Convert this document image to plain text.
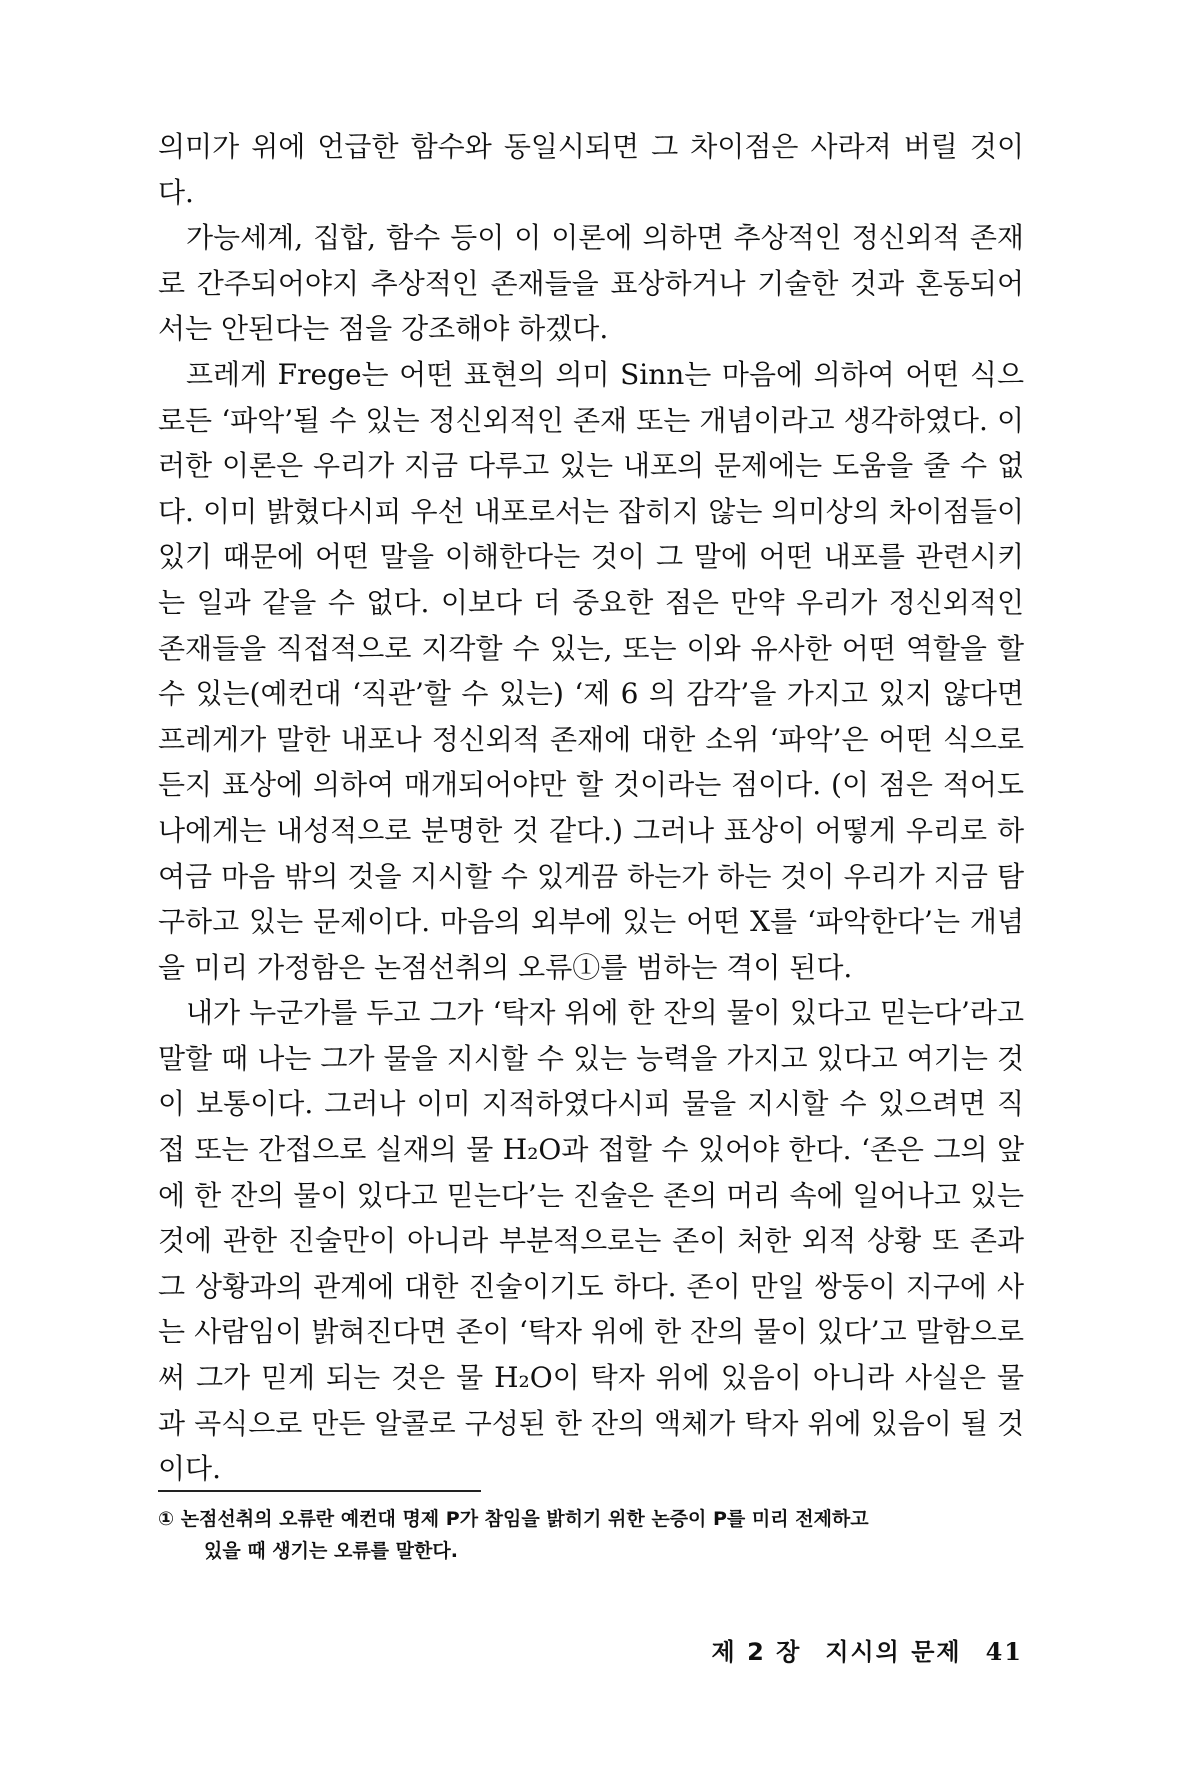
의미가 위에 언급한 함수와 동일시되면 그 차이점은 사라져 버릴 것이다.

가능세계, 집합, 함수 등이 이 이론에 의하면 추상적인 정신외적 존재로 간주되어야지 추상적인 존재들을 표상하거나 기술한 것과 혼동되어서는 안된다는 점을 강조해야 하겠다.

프레게 Frege는 어떤 표현의 의미 Sinn는 마음에 의하여 어떤 식으로든 ‘파악’될 수 있는 정신외적인 존재 또는 개념이라고 생각하였다. 이러한 이론은 우리가 지금 다루고 있는 내포의 문제에는 도움을 줄 수 없다. 이미 밝혔다시피 우선 내포로서는 잡히지 않는 의미상의 차이점들이 있기 때문에 어떤 말을 이해한다는 것이 그 말에 어떤 내포를 관련시키는 일과 같을 수 없다. 이보다 더 중요한 점은 만약 우리가 정신외적인 존재들을 직접적으로 지각할 수 있는, 또는 이와 유사한 어떤 역할을 할 수 있는(예컨대 ‘직관’할 수 있는) ‘제 6 의 감각’을 가지고 있지 않다면 프레게가 말한 내포나 정신외적 존재에 대한 소위 ‘파악’은 어떤 식으로든지 표상에 의하여 매개되어야만 할 것이라는 점이다. (이 점은 적어도 나에게는 내성적으로 분명한 것 같다.) 그러나 표상이 어떻게 우리로 하여금 마음 밖의 것을 지시할 수 있게끔 하는가 하는 것이 우리가 지금 탐구하고 있는 문제이다. 마음의 외부에 있는 어떤 X를 ‘파악한다’는 개념을 미리 가정함은 논점선취의 오류①를 범하는 격이 된다.

내가 누군가를 두고 그가 ‘탁자 위에 한 잔의 물이 있다고 믿는다’라고 말할 때 나는 그가 물을 지시할 수 있는 능력을 가지고 있다고 여기는 것이 보통이다. 그러나 이미 지적하였다시피 물을 지시할 수 있으려면 직접 또는 간접으로 실재의 물 H₂O과 접할 수 있어야 한다. ‘존은 그의 앞에 한 잔의 물이 있다고 믿는다’는 진술은 존의 머리 속에 일어나고 있는 것에 관한 진술만이 아니라 부분적으로는 존이 처한 외적 상황 또 존과 그 상황과의 관계에 대한 진술이기도 하다. 존이 만일 쌍둥이 지구에 사는 사람임이 밝혀진다면 존이 ‘탁자 위에 한 잔의 물이 있다’고 말함으로써 그가 믿게 되는 것은 물 H₂O이 탁자 위에 있음이 아니라 사실은 물과 곡식으로 만든 알콜로 구성된 한 잔의 액체가 탁자 위에 있음이 될 것이다.

① 논점선취의 오류란 예컨대 명제 P가 참임을 밝히기 위한 논증이 P를 미리 전제하고
있을 때 생기는 오류를 말한다.
제 2 장 지시의 문제 41
